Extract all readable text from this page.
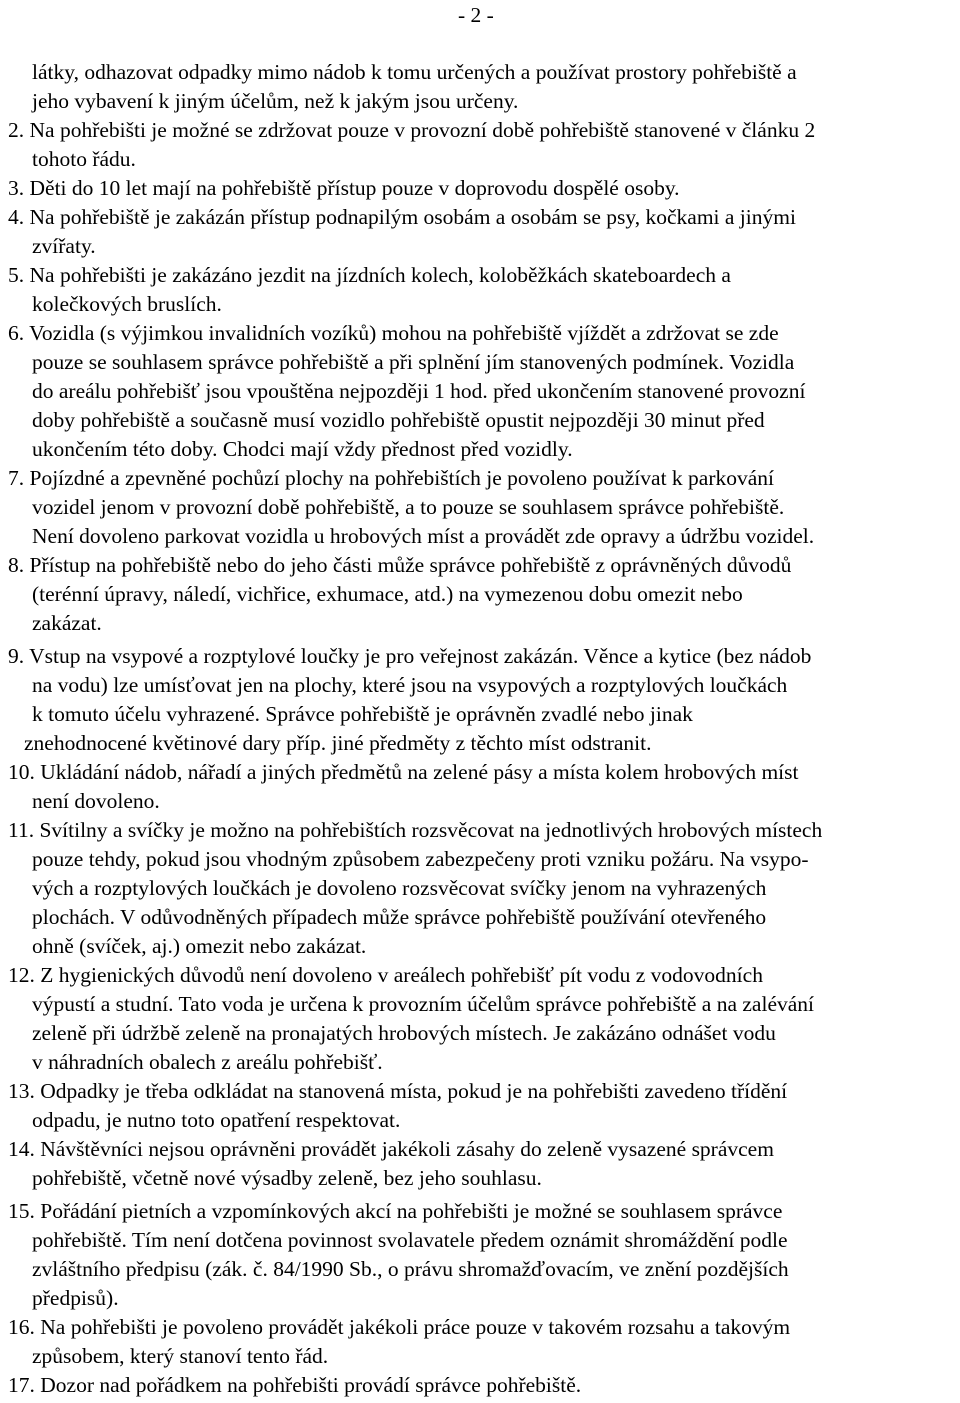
- 2 -
látky, odhazovat odpadky mimo nádob k tomu určených a používat prostory pohřebiště a
jeho vybavení k jiným účelům, než k jakým jsou určeny.
2. Na pohřebišti je možné se zdržovat pouze v provozní době pohřebiště stanovené v článku 2
tohoto řádu.
3. Děti do 10 let mají na pohřebiště přístup pouze v doprovodu dospělé osoby.
4. Na pohřebiště je zakázán přístup podnapilým osobám a osobám se psy, kočkami a jinými
zvířaty.
5. Na pohřebišti je zakázáno jezdit na jízdních kolech, koloběžkách skateboardech a
kolečkových bruslích.
6. Vozidla (s výjimkou invalidních vozíků) mohou na pohřebiště vjíždět a zdržovat se zde
pouze se souhlasem správce pohřebiště a při splnění jím stanovených podmínek. Vozidla
do areálu pohřebišť jsou vpouštěna nejpozději 1 hod. před ukončením stanovené provozní
doby pohřebiště a současně musí vozidlo pohřebiště opustit nejpozději 30 minut před
ukončením této doby. Chodci mají vždy přednost před vozidly.
7. Pojízdné a zpevněné pochůzí plochy na pohřebištích je povoleno používat k parkování
vozidel jenom v provozní době pohřebiště, a to pouze se souhlasem správce pohřebiště.
Není dovoleno parkovat vozidla u hrobových míst a provádět zde opravy a údržbu vozidel.
8. Přístup na pohřebiště nebo do jeho části může správce pohřebiště z oprávněných důvodů
(terénní úpravy, náledí, vichřice, exhumace, atd.) na vymezenou dobu omezit nebo
zakázat.
9. Vstup na vsypové a rozptylové loučky je pro veřejnost zakázán. Věnce a kytice (bez nádob
na vodu) lze umísťovat jen na plochy, které jsou na vsypových a rozptylových loučkách
k tomuto účelu vyhrazené. Správce pohřebiště je oprávněn zvadlé nebo jinak
znehodnocené květinové dary příp. jiné předměty z těchto míst odstranit.
10. Ukládání nádob, nářadí a jiných předmětů na zelené pásy a místa kolem hrobových míst
není dovoleno.
11. Svítilny a svíčky je možno na pohřebištích rozsvěcovat na jednotlivých hrobových místech
pouze tehdy, pokud jsou vhodným způsobem zabezpečeny proti vzniku požáru. Na vsypo-
vých a rozptylových loučkách je dovoleno rozsvěcovat svíčky jenom na vyhrazených
plochách. V odůvodněných případech může správce pohřebiště používání otevřeného
ohně (svíček, aj.) omezit nebo zakázat.
12. Z hygienických důvodů není dovoleno v areálech pohřebišť pít vodu z vodovodních
výpustí a studní. Tato voda je určena k provozním účelům správce pohřebiště a na zalévání
zeleně při údržbě zeleně na pronajatých hrobových místech. Je zakázáno odnášet vodu
v náhradních obalech z areálu pohřebišť.
13. Odpadky je třeba odkládat na stanovená místa, pokud je na pohřebišti zavedeno třídění
odpadu, je nutno toto opatření respektovat.
14. Návštěvníci nejsou oprávněni provádět jakékoli zásahy do zeleně vysazené správcem
pohřebiště, včetně nové výsadby zeleně, bez jeho souhlasu.
15. Pořádání pietních a vzpomínkových akcí na pohřebišti je možné se souhlasem správce
pohřebiště. Tím není dotčena povinnost svolavatele předem oznámit shromáždění podle
zvláštního předpisu (zák. č. 84/1990 Sb., o právu shromažďovacím, ve znění pozdějších
předpisů).
16. Na pohřebišti je povoleno provádět jakékoli práce pouze v takovém rozsahu a takovým
způsobem, který stanoví tento řád.
17. Dozor nad pořádkem na pohřebišti provádí správce pohřebiště.
